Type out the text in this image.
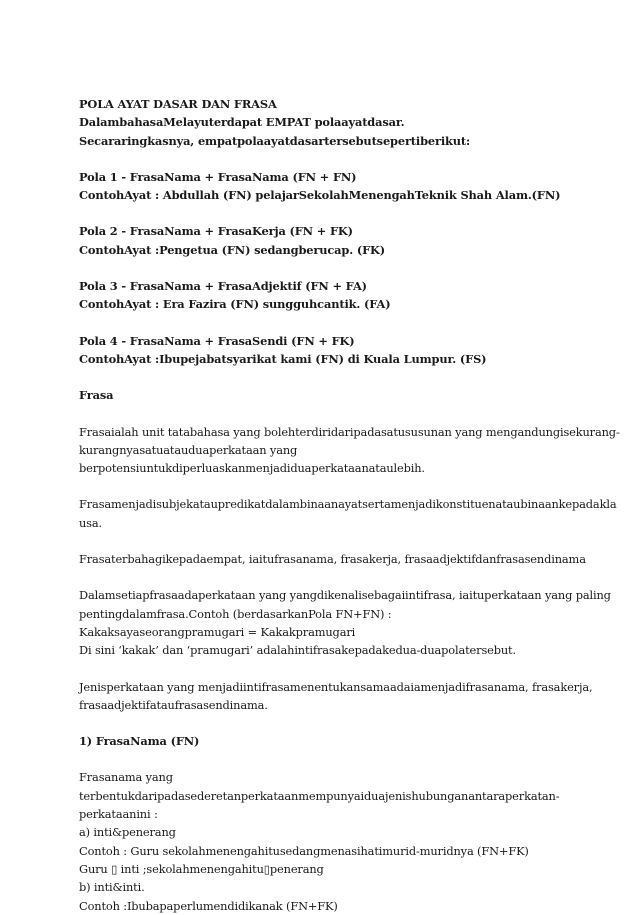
POLA AYAT DASAR DAN FRASA
DalambahasaMelayuterdapat EMPAT polaayatdasar.
Secararingkasnya, empatpolaayatdasartersebutsepertiberikut:
Pola 1 - FrasaNama + FrasaNama (FN + FN)
ContohAyat : Abdullah (FN) pelajarSekolahMenengahTeknik Shah Alam.(FN)
Pola 2 - FrasaNama + FrasaKerja (FN + FK)
ContohAyat :Pengetua (FN) sedangberucap. (FK)
Pola 3 - FrasaNama + FrasaAdjektif (FN + FA)
ContohAyat : Era Fazira (FN) sungguhcantik. (FA)
Pola 4 - FrasaNama + FrasaSendi (FN + FK)
ContohAyat :Ibupejabatsyarikat kami (FN) di Kuala Lumpur. (FS)
Frasa
Frasaialah unit tatabahasa yang bolehterdiridaripadasatususunan yang mengandungisekurang-
kurangnyasatuatauduaperkataan yang
berpotensiuntukdiperluaskanmenjadiduaperkataanataulebih.
Frasamenjadisubjekataupredikatdalambinaanayatsertamenjadikonstituenataubinaankepadakla
usa.
Frasaterbahagikepadaempat, iaitufrasanama, frasakerja, frasaadjektifdanfrasasendinama
Dalamsetiapfrasaadaperkataan yang yangdikenalisebagaiintifrasa, iaituperkataan yang paling
pentingdalamfrasa.Contoh (berdasarkanPola FN+FN) :
Kakaksayaseorangpramugari = Kakakpramugari
Di sini ‘kakak’ dan ‘pramugari’ adalahintifrasakepadakedua-duapolatersebut.
Jenisperkataan yang menjadiintifrasamenentukansamaadaiamenjadifrasanama, frasakerja,
frasaadjektifataufrasasendinama.
1) FrasaNama (FN)
Frasanama yang
terbentukdaripadasederetanperkataanmempunyaiduajenishubunganantaraperkatan-
perkataanini :
a) inti&penerang
Contoh : Guru sekolahmenengahitusedangmenasihatimurid-muridnya (FN+FK)
Guru ▯ inti ;sekolahmenengahitu▯penerang
b) inti&inti.
Contoh :Ibubapaperlumendidikanak (FN+FK)
